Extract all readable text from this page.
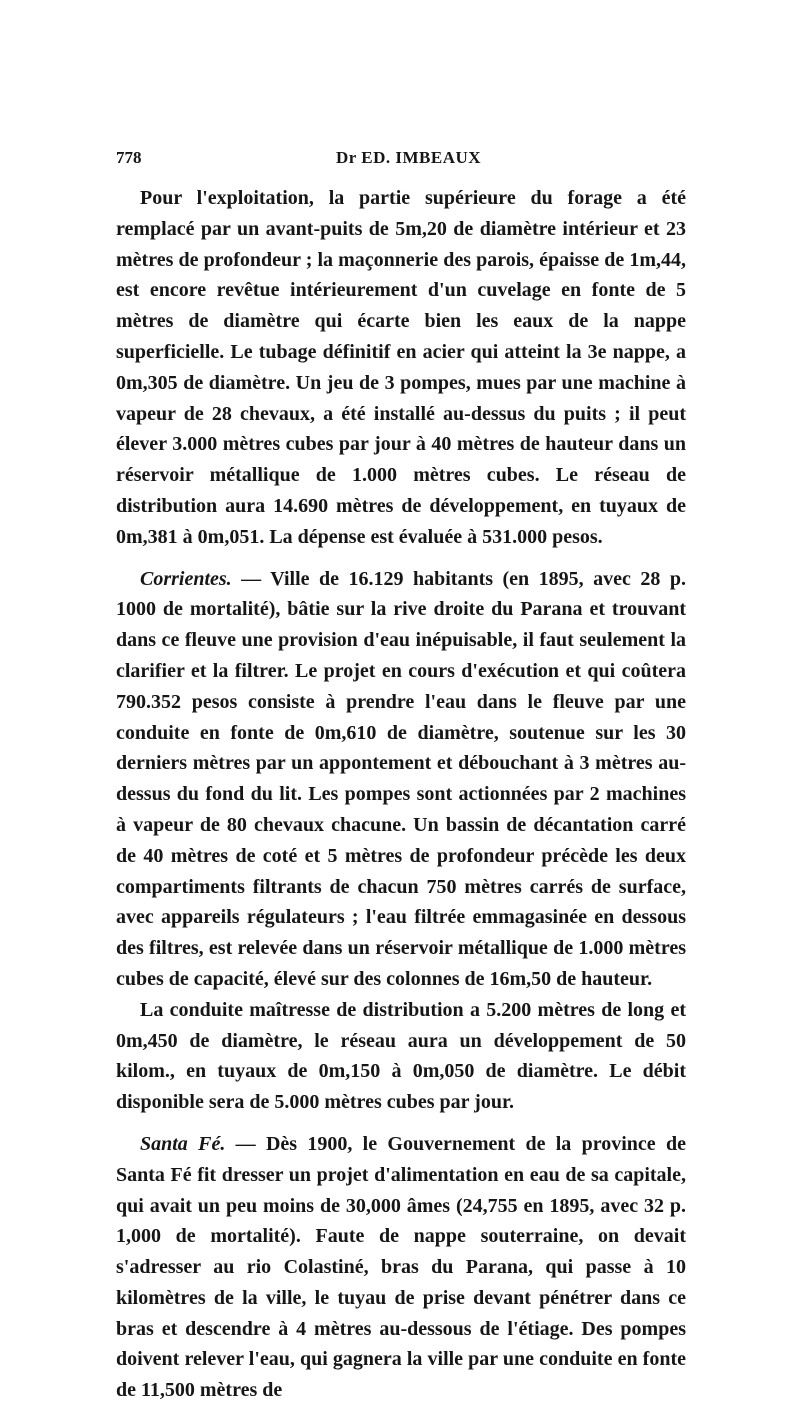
778	Dr ED. IMBEAUX

Pour l'exploitation, la partie supérieure du forage a été remplacé par un avant-puits de 5m,20 de diamètre intérieur et 23 mètres de profondeur ; la maçonnerie des parois, épaisse de 1m,44, est encore revêtue intérieurement d'un cuvelage en fonte de 5 mètres de diamètre qui écarte bien les eaux de la nappe superficielle. Le tubage définitif en acier qui atteint la 3e nappe, a 0m,305 de diamètre. Un jeu de 3 pompes, mues par une machine à vapeur de 28 chevaux, a été installé au-dessus du puits ; il peut élever 3.000 mètres cubes par jour à 40 mètres de hauteur dans un réservoir métallique de 1.000 mètres cubes. Le réseau de distribution aura 14.690 mètres de développement, en tuyaux de 0m,381 à 0m,051. La dépense est évaluée à 531.000 pesos.

Corrientes. — Ville de 16.129 habitants (en 1895, avec 28 p. 1000 de mortalité), bâtie sur la rive droite du Parana et trouvant dans ce fleuve une provision d'eau inépuisable, il faut seulement la clarifier et la filtrer. Le projet en cours d'exécution et qui coûtera 790.352 pesos consiste à prendre l'eau dans le fleuve par une conduite en fonte de 0m,610 de diamètre, soutenue sur les 30 derniers mètres par un appontement et débouchant à 3 mètres au-dessus du fond du lit. Les pompes sont actionnées par 2 machines à vapeur de 80 chevaux chacune. Un bassin de décantation carré de 40 mètres de coté et 5 mètres de profondeur précède les deux compartiments filtrants de chacun 750 mètres carrés de surface, avec appareils régulateurs ; l'eau filtrée emmagasinée en dessous des filtres, est relevée dans un réservoir métallique de 1.000 mètres cubes de capacité, élevé sur des colonnes de 16m,50 de hauteur.

La conduite maîtresse de distribution a 5.200 mètres de long et 0m,450 de diamètre, le réseau aura un développement de 50 kilom., en tuyaux de 0m,150 à 0m,050 de diamètre. Le débit disponible sera de 5.000 mètres cubes par jour.

Santa Fé. — Dès 1900, le Gouvernement de la province de Santa Fé fit dresser un projet d'alimentation en eau de sa capitale, qui avait un peu moins de 30,000 âmes (24,755 en 1895, avec 32 p. 1,000 de mortalité). Faute de nappe souterraine, on devait s'adresser au rio Colastiné, bras du Parana, qui passe à 10 kilomètres de la ville, le tuyau de prise devant pénétrer dans ce bras et descendre à 4 mètres au-dessous de l'étiage. Des pompes doivent relever l'eau, qui gagnera la ville par une conduite en fonte de 11,500 mètres de
